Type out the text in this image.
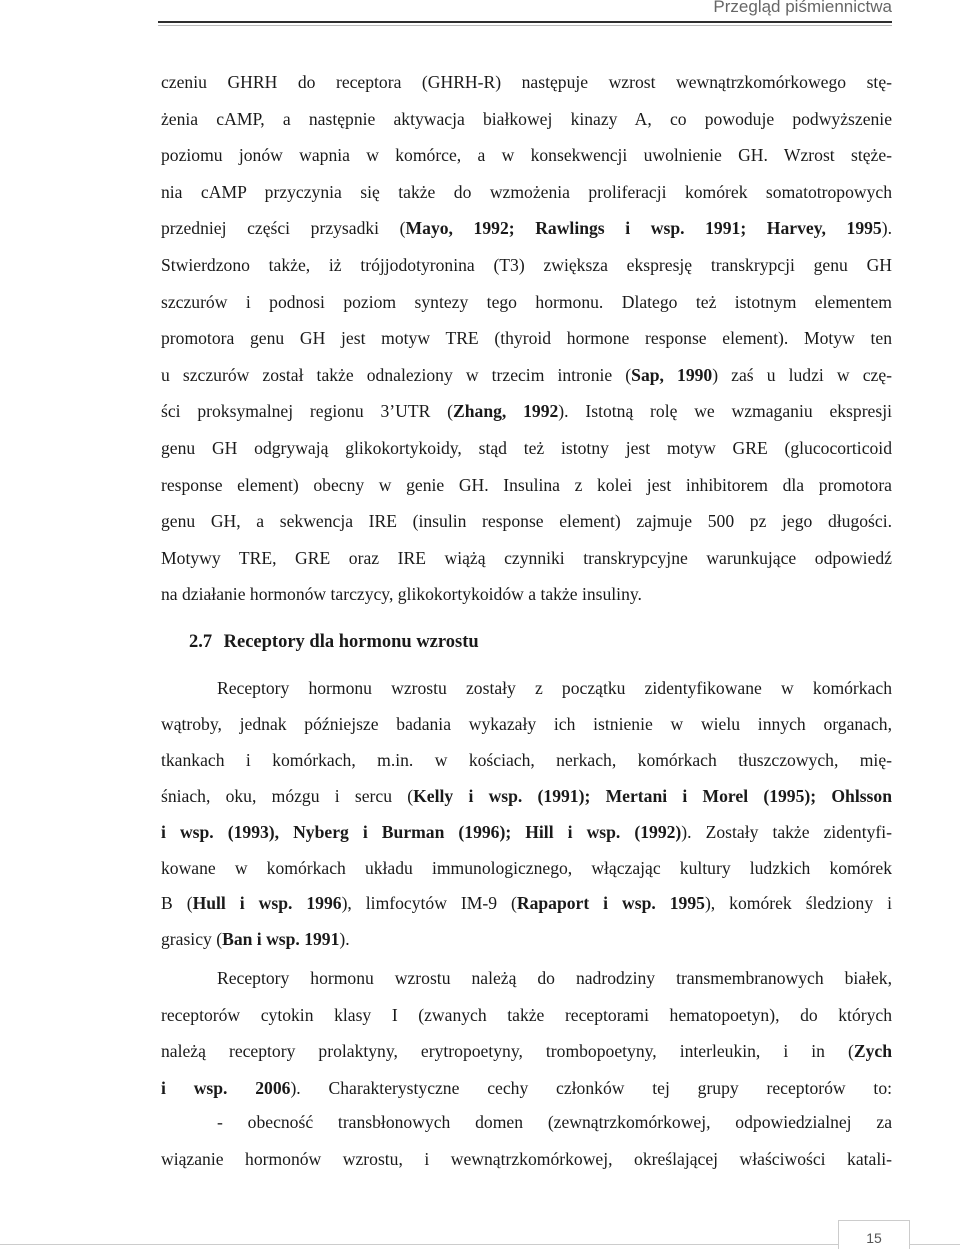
Przegląd piśmiennictwa
czeniu GHRH do receptora (GHRH-R) następuje wzrost wewnątrzkomórkowego stę-
żenia cAMP, a następnie aktywacja białkowej kinazy A, co powoduje podwyższenie
poziomu jonów wapnia w komórce, a w konsekwencji uwolnienie GH. Wzrost stęże-
nia cAMP przyczynia się także do wzmożenia proliferacji komórek somatotropowych
przedniej części przysadki (Mayo, 1992; Rawlings i wsp. 1991; Harvey, 1995).
Stwierdzono także, iż trójjodotyronina (T3) zwiększa ekspresję transkrypcji genu GH
szczurów i podnosi poziom syntezy tego hormonu. Dlatego też istotnym elementem
promotora genu GH jest motyw TRE (thyroid hormone response element). Motyw ten
u szczurów został także odnaleziony w trzecim intronie (Sap, 1990) zaś u ludzi w czę-
ści proksymalnej regionu 3’UTR (Zhang, 1992). Istotną rolę we wzmaganiu ekspresji
genu GH odgrywają glikokortykoidy, stąd też istotny jest motyw GRE (glucocorticoid
response element) obecny w genie GH. Insulina z kolei jest inhibitorem dla promotora
genu GH, a sekwencja IRE (insulin response element) zajmuje 500 pz jego długości.
Motywy TRE, GRE oraz IRE wiążą czynniki transkrypcyjne warunkujące odpowiedź
na działanie hormonów tarczycy, glikokortykoidów a także insuliny.
2.7 Receptory dla hormonu wzrostu
Receptory hormonu wzrostu zostały z początku zidentyfikowane w komórkach
wątroby, jednak późniejsze badania wykazały ich istnienie w wielu innych organach,
tkankach i komórkach, m.in. w kościach, nerkach, komórkach tłuszczowych, mię-
śniach, oku, mózgu i sercu (Kelly i wsp. (1991); Mertani i Morel (1995); Ohlsson
i wsp. (1993), Nyberg i Burman (1996); Hill i wsp. (1992)). Zostały także zidentyfi-
kowane w komórkach układu immunologicznego, włączając kultury ludzkich komórek
B (Hull i wsp. 1996), limfocytów IM-9 (Rapaport i wsp. 1995), komórek śledziony i
grasicy (Ban i wsp. 1991).
Receptory hormonu wzrostu należą do nadrodziny transmembranowych białek,
receptorów cytokin klasy I (zwanych także receptorami hematopoetyn), do których
należą receptory prolaktyny, erytropoetyny, trombopoetyny, interleukin, i in (Zych
i wsp. 2006). Charakterystyczne cechy członków tej grupy receptorów to:
- obecność transbłonowych domen (zewnątrzkomórkowej, odpowiedzialnej za
wiązanie hormonów wzrostu, i wewnątrzkomórkowej, określającej właściwości katali-
15
